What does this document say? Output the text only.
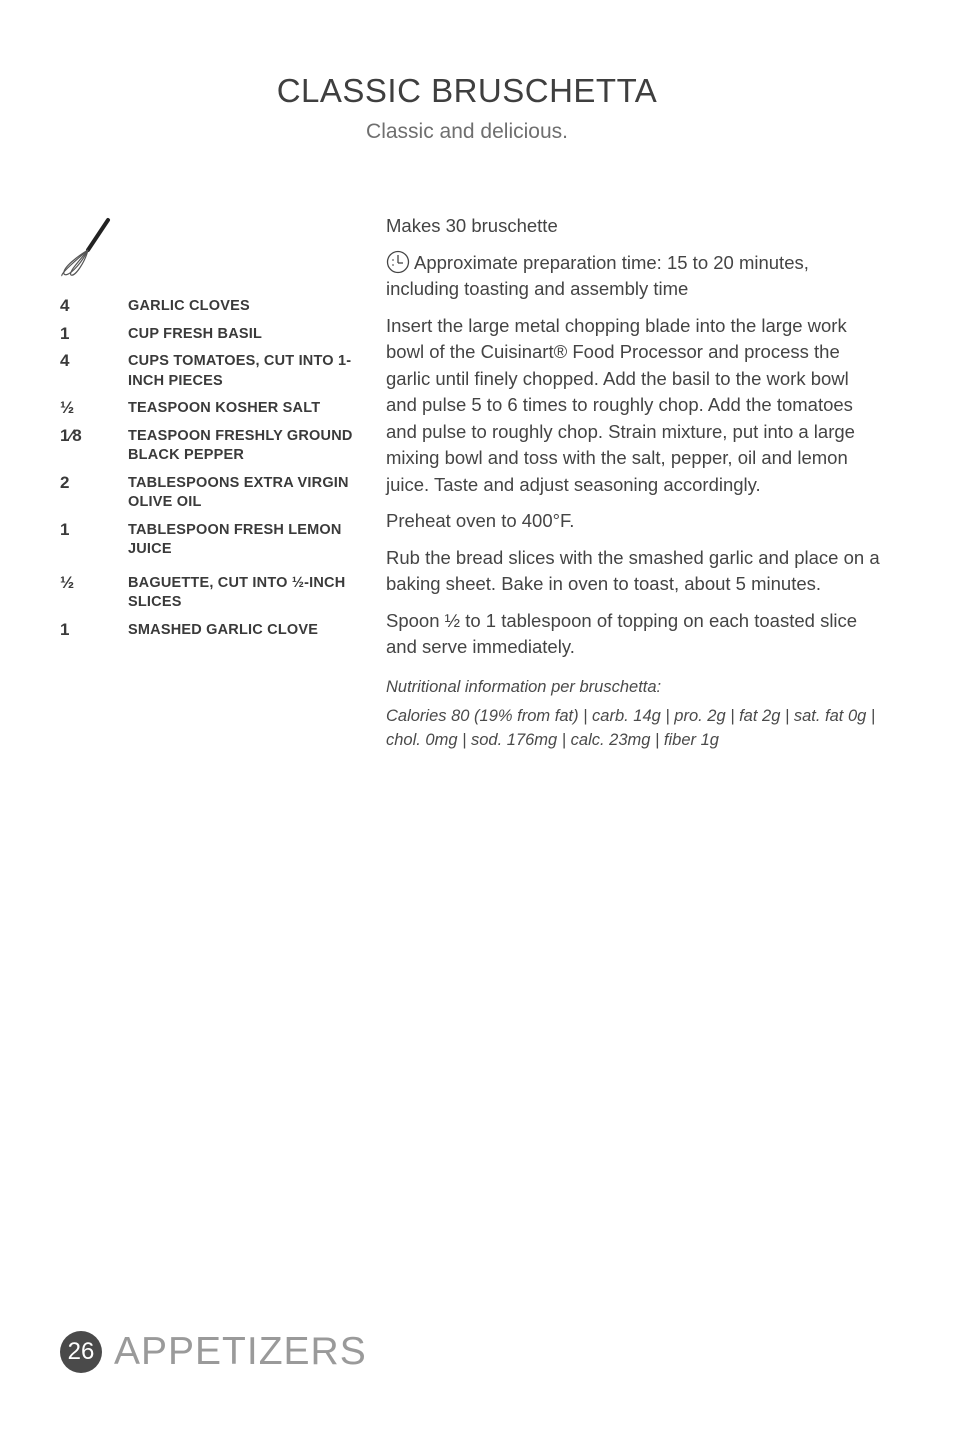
CLASSIC BRUSCHETTA
Classic and delicious.
4	GARLIC CLOVES
1	CUP FRESH BASIL
4	CUPS TOMATOES, CUT INTO 1-INCH PIECES
½	TEASPOON KOSHER SALT
1⁄8	TEASPOON FRESHLY GROUND BLACK PEPPER
2	TABLESPOONS EXTRA VIRGIN OLIVE OIL
1	TABLESPOON FRESH LEMON JUICE
½	BAGUETTE, CUT INTO ½-INCH SLICES
1	SMASHED GARLIC CLOVE

Makes 30 bruschette

Approximate preparation time: 15 to 20 minutes, including toasting and assembly time

Insert the large metal chopping blade into the large work bowl of the Cuisinart® Food Processor and process the garlic until finely chopped. Add the basil to the work bowl and pulse 5 to 6 times to roughly chop. Add the tomatoes and pulse to roughly chop. Strain mixture, put into a large mixing bowl and toss with the salt, pepper, oil and lemon juice. Taste and adjust seasoning accordingly.

Preheat oven to 400°F.

Rub the bread slices with the smashed garlic and place on a baking sheet. Bake in oven to toast, about 5 minutes.

Spoon ½ to 1 tablespoon of topping on each toasted slice and serve immediately.

Nutritional information per bruschetta:

Calories 80 (19% from fat) | carb. 14g | pro. 2g | fat 2g | sat. fat 0g | chol. 0mg | sod. 176mg | calc. 23mg | fiber 1g

26 APPETIZERS
